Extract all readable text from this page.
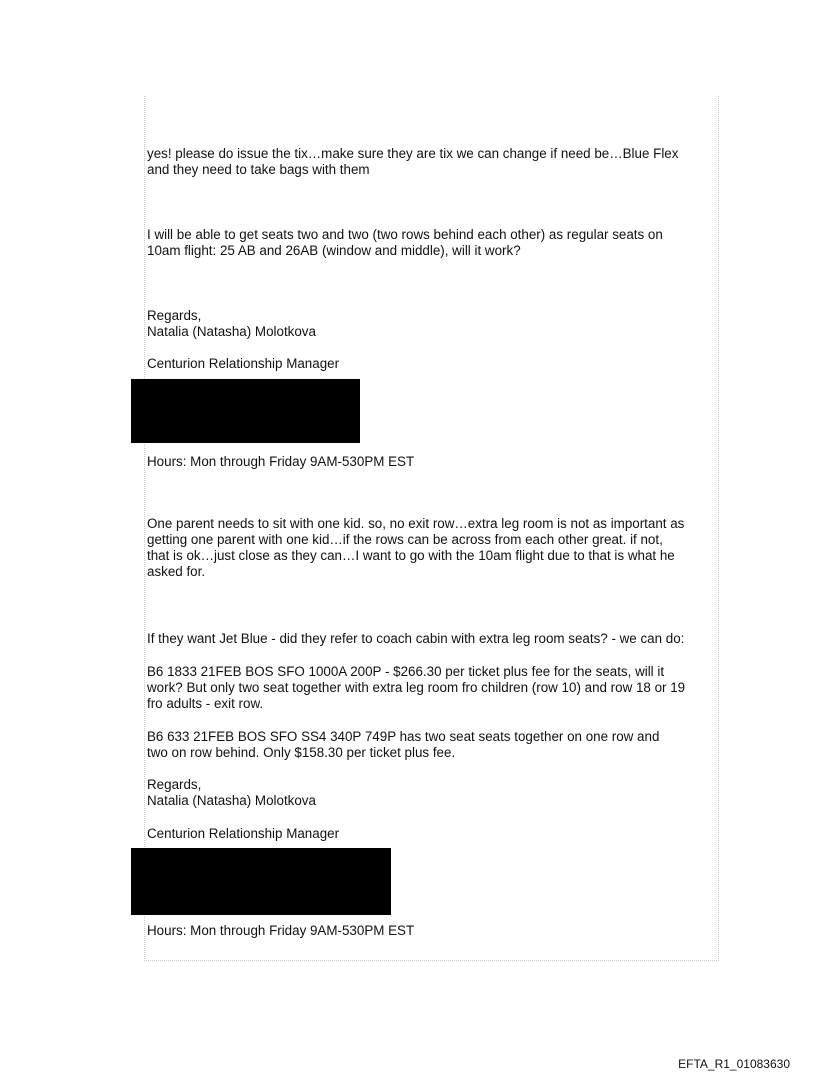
yes! please do issue the tix…make sure they are tix we can change if need be…Blue Flex
and they need to take bags with them

I will be able to get seats two and two (two rows behind each other) as regular seats on
10am flight: 25 AB and 26AB (window and middle), will it work?

Regards,

Natalia (Natasha) Molotkova

Centurion Relationship Manager

Hours: Mon through Friday 9AM-530PM EST

One parent needs to sit with one kid. so, no exit row…extra leg room is not as important as
getting one parent with one kid…if the rows can be across from each other great. if not,
that is ok…just close as they can…I want to go with the 10am flight due to that is what he
asked for.

If they want Jet Blue - did they refer to coach cabin with extra leg room seats? - we can do:

B6 1833 21FEB BOS SFO 1000A 200P - $266.30 per ticket plus fee for the seats, will it
work? But only two seat together with extra leg room fro children (row 10) and row 18 or 19
fro adults - exit row.

B6 633 21FEB BOS SFO SS4 340P 749P has two seat seats together on one row and
two on row behind. Only $158.30 per ticket plus fee.

Regards,

Natalia (Natasha) Molotkova

Centurion Relationship Manager

Hours: Mon through Friday 9AM-530PM EST

EFTA_R1_01083630
